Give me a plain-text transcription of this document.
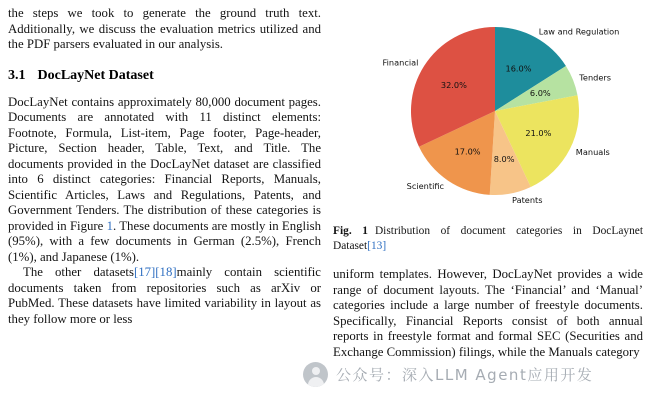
the steps we took to generate the ground truth text. Additionally, we discuss the evaluation metrics utilized and the PDF parsers evaluated in our analysis.

3.1 DocLayNet Dataset

DocLayNet contains approximately 80,000 document pages. Documents are annotated with 11 distinct elements: Footnote, Formula, List-item, Page footer, Page-header, Picture, Section header, Table, Text, and Title. The documents provided in the DocLayNet dataset are classified into 6 distinct categories: Financial Reports, Manuals, Scientific Articles, Laws and Regulations, Patents, and Government Tenders. The distribution of these categories is provided in Figure 1. These documents are mostly in English (95%), with a few documents in German (2.5%), French (1%), and Japanese (1%).

The other datasets[17][18]mainly contain scientific documents taken from repositories such as arXiv or PubMed. These datasets have limited variability in layout as they follow more or less

16.0%
Law and Regulation
6.0%
Tenders
21.0%
Manuals
8.0%
Patents
17.0%
Scientific
32.0%
Financial
Fig. 1 Distribution of document categories in DocLaynet Dataset[13]

uniform templates. However, DocLayNet provides a wide range of document layouts. The ‘Financial’ and ‘Manual’ categories include a large number of freestyle documents. Specifically, Financial Reports consist of both annual reports in freestyle format and formal SEC (Securities and Exchange Commission) filings, while the Manuals category

公众号：深入LLM Agent应用开发
